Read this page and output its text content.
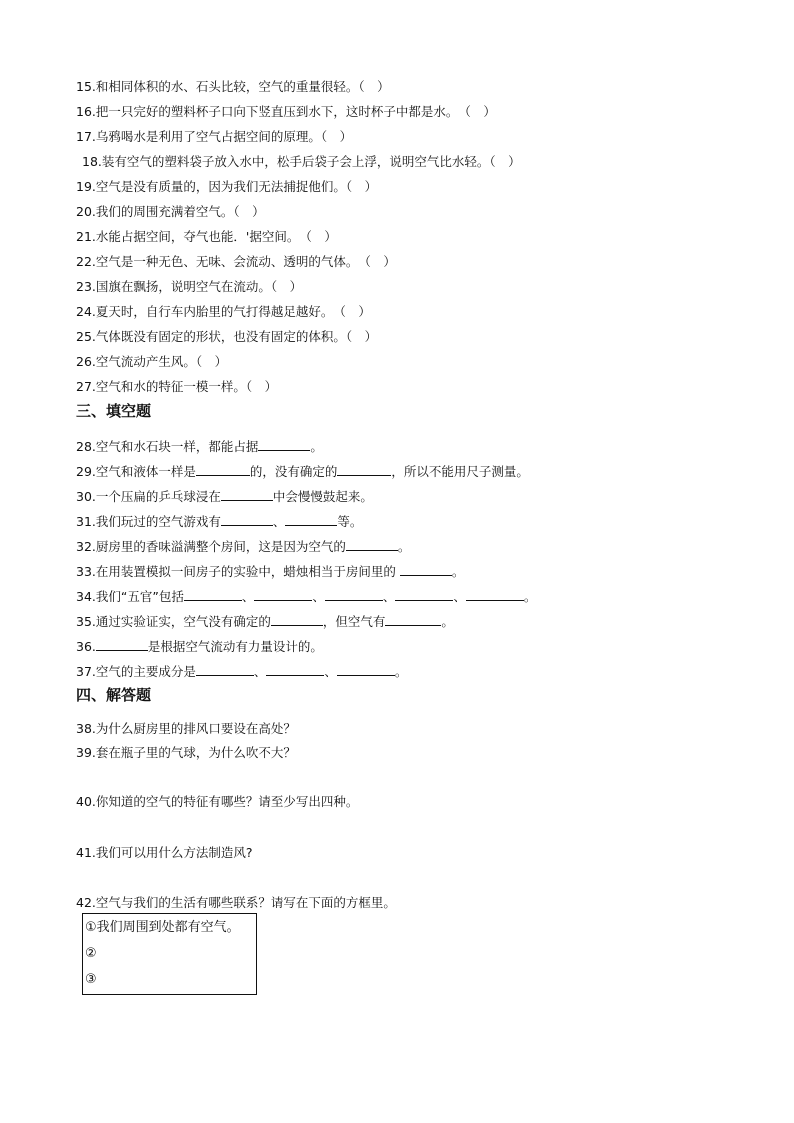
15.和相同体积的水、石头比较，空气的重量很轻。（　）
16.把一只完好的塑料杯子口向下竖直压到水下，这时杯子中都是水。　（　）
17.乌鸦喝水是利用了空气占据空间的原理。（　）
18.装有空气的塑料袋子放入水中，松手后袋子会上浮，说明空气比水轻。（　）
19.空气是没有质量的，因为我们无法捕捉他们。（　）
20.我们的周围充满着空气。（　）
21.水能占据空间，夺气也能．'据空间。　（　）
22.空气是一种无色、无味、会流动、透明的气体。　（　）
23.国旗在飘扬，说明空气在流动。（　）
24.夏天时，自行车内胎里的气打得越足越好。　（　）
25.气体既没有固定的形状，也没有固定的体积。（　）
26.空气流动产生风。（　）
27.空气和水的特征一模一样。（　）
三、填空题
28.空气和水石块一样，都能占据	。
29.空气和液体一样是	的，没有确定的	，所以不能用尺子测量。
30.一个压扁的乒乓球浸在	中会慢慢鼓起来。
31.我们玩过的空气游戏有	、	等。
32.厨房里的香味溢满整个房间，这是因为空气的	。
33.在用装置模拟一间房子的实验中，蜡烛相当于房间里的	。
34.我们“五官”包括	、	、	、	、	。
35.通过实验证实，空气没有确定的	，但空气有	。
36.	是根据空气流动有力量设计的。
37.空气的主要成分是	、	、	。
四、解答题
38.为什么厨房里的排风口要设在高处？
39.套在瓶子里的气球，为什么吹不大？
40.你知道的空气的特征有哪些？请至少写出四种。
41.我们可以用什么方法制造风?
42.空气与我们的生活有哪些联系？请写在下面的方框里。
①我们周围到处都有空气。
②
③
